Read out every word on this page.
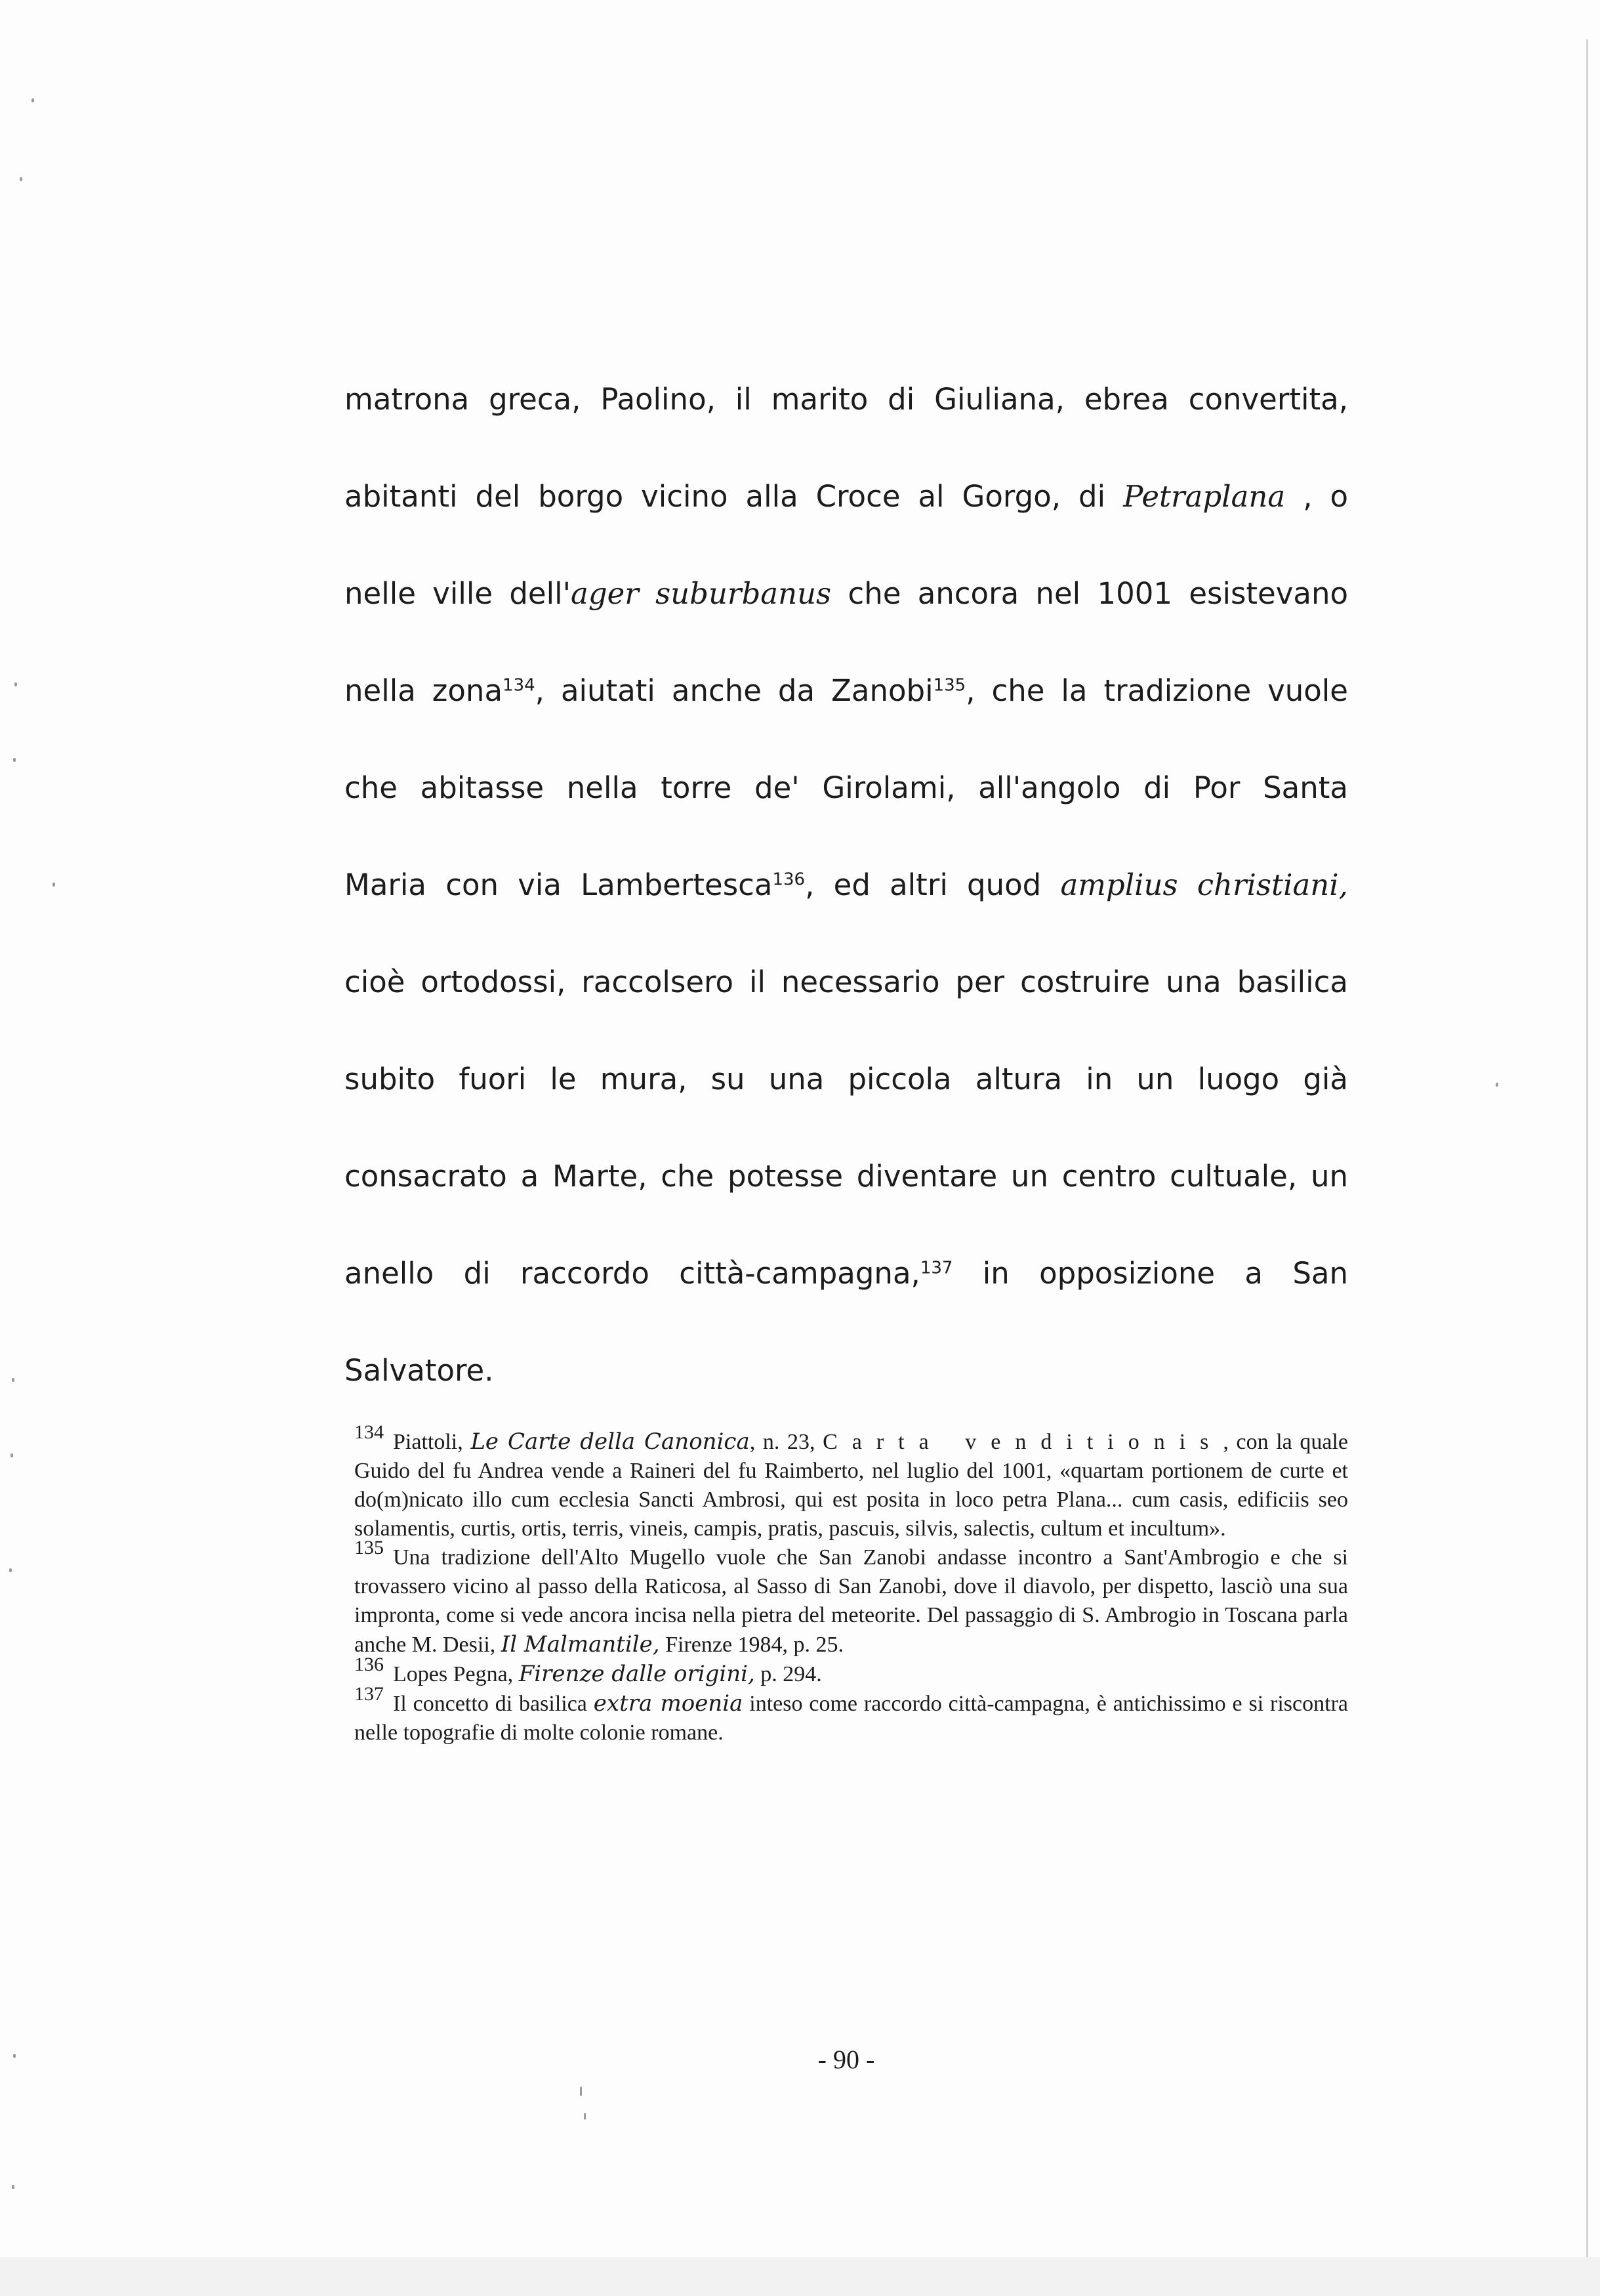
matrona greca, Paolino, il marito di Giuliana, ebrea convertita,
abitanti del borgo vicino alla Croce al Gorgo, di Petraplana , o
nelle ville dell'ager suburbanus che ancora nel 1001 esistevano
nella zona$^{134}$, aiutati anche da Zanobi$^{135}$, che la tradizione vuole
che abitasse nella torre de' Girolami, all'angolo di Por Santa
Maria con via Lambertesca$^{136}$, ed altri quod amplius christiani,
cioè ortodossi, raccolsero il necessario per costruire una basilica
subito fuori le mura, su una piccola altura in un luogo già
consacrato a Marte, che potesse diventare un centro cultuale, un
anello di raccordo città-campagna,$^{137}$ in opposizione a San
Salvatore.

134 Piattoli, Le Carte della Canonica, n. 23, Carta venditionis, con la quale Guido del fu Andrea vende a Raineri del fu Raimberto, nel luglio del 1001, «quartam portionem de curte et do(m)nicato illo cum ecclesia Sancti Ambrosi, qui est posita in loco petra Plana... cum casis, edificiis seo solamentis, curtis, ortis, terris, vineis, campis, pratis, pascuis, silvis, salectis, cultum et incultum».

135 Una tradizione dell'Alto Mugello vuole che San Zanobi andasse incontro a Sant'Ambrogio e che si trovassero vicino al passo della Raticosa, al Sasso di San Zanobi, dove il diavolo, per dispetto, lasciò una sua impronta, come si vede ancora incisa nella pietra del meteorite. Del passaggio di S. Ambrogio in Toscana parla anche M. Desii, Il Malmantile, Firenze 1984, p. 25.

136 Lopes Pegna, Firenze dalle origini, p. 294.

137 Il concetto di basilica extra moenia inteso come raccordo città-campagna, è antichissimo e si riscontra nelle topografie di molte colonie romane.

- 90 -
